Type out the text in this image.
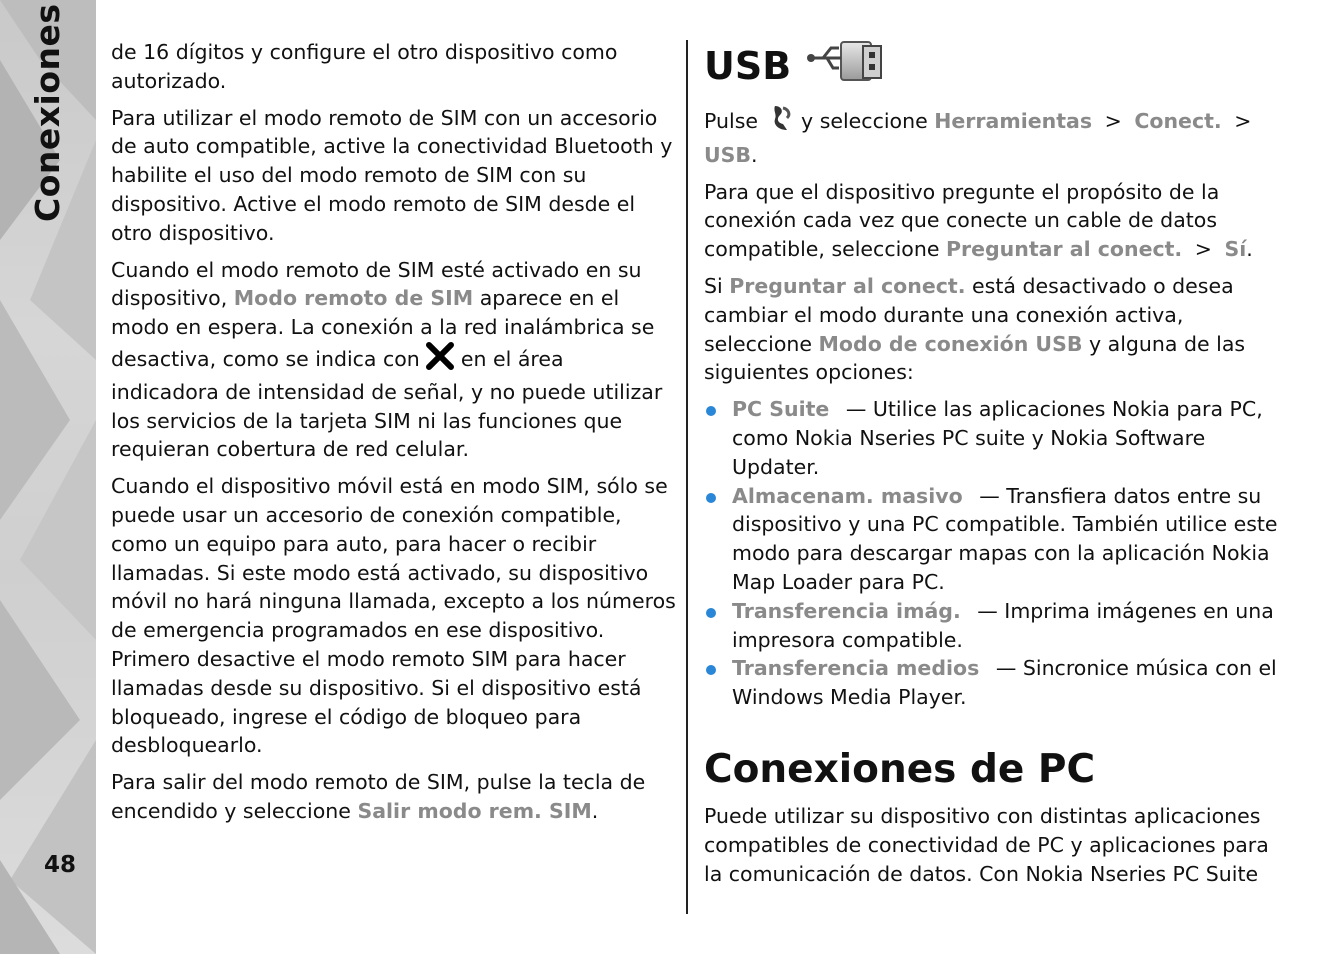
Conexiones
48

de 16 dígitos y configure el otro dispositivo como autorizado.

Para utilizar el modo remoto de SIM con un accesorio de auto compatible, active la conectividad Bluetooth y habilite el uso del modo remoto de SIM con su dispositivo. Active el modo remoto de SIM desde el otro dispositivo.

Cuando el modo remoto de SIM esté activado en su dispositivo, Modo remoto de SIM aparece en el modo en espera. La conexión a la red inalámbrica se desactiva, como se indica con en el área indicadora de intensidad de señal, y no puede utilizar los servicios de la tarjeta SIM ni las funciones que requieran cobertura de red celular.

Cuando el dispositivo móvil está en modo SIM, sólo se puede usar un accesorio de conexión compatible, como un equipo para auto, para hacer o recibir llamadas. Si este modo está activado, su dispositivo móvil no hará ninguna llamada, excepto a los números de emergencia programados en ese dispositivo. Primero desactive el modo remoto SIM para hacer llamadas desde su dispositivo. Si el dispositivo está bloqueado, ingrese el código de bloqueo para desbloquearlo.

Para salir del modo remoto de SIM, pulse la tecla de encendido y seleccione Salir modo rem. SIM.

USB

Pulse y seleccione Herramientas > Conect. > USB.

Para que el dispositivo pregunte el propósito de la conexión cada vez que conecte un cable de datos compatible, seleccione Preguntar al conect. > Sí.

Si Preguntar al conect. está desactivado o desea cambiar el modo durante una conexión activa, seleccione Modo de conexión USB y alguna de las siguientes opciones:

PC Suite — Utilice las aplicaciones Nokia para PC, como Nokia Nseries PC suite y Nokia Software Updater.
Almacenam. masivo — Transfiera datos entre su dispositivo y una PC compatible. También utilice este modo para descargar mapas con la aplicación Nokia Map Loader para PC.
Transferencia imág. — Imprima imágenes en una impresora compatible.
Transferencia medios — Sincronice música con el Windows Media Player.
Conexiones de PC

Puede utilizar su dispositivo con distintas aplicaciones compatibles de conectividad de PC y aplicaciones para la comunicación de datos. Con Nokia Nseries PC Suite
